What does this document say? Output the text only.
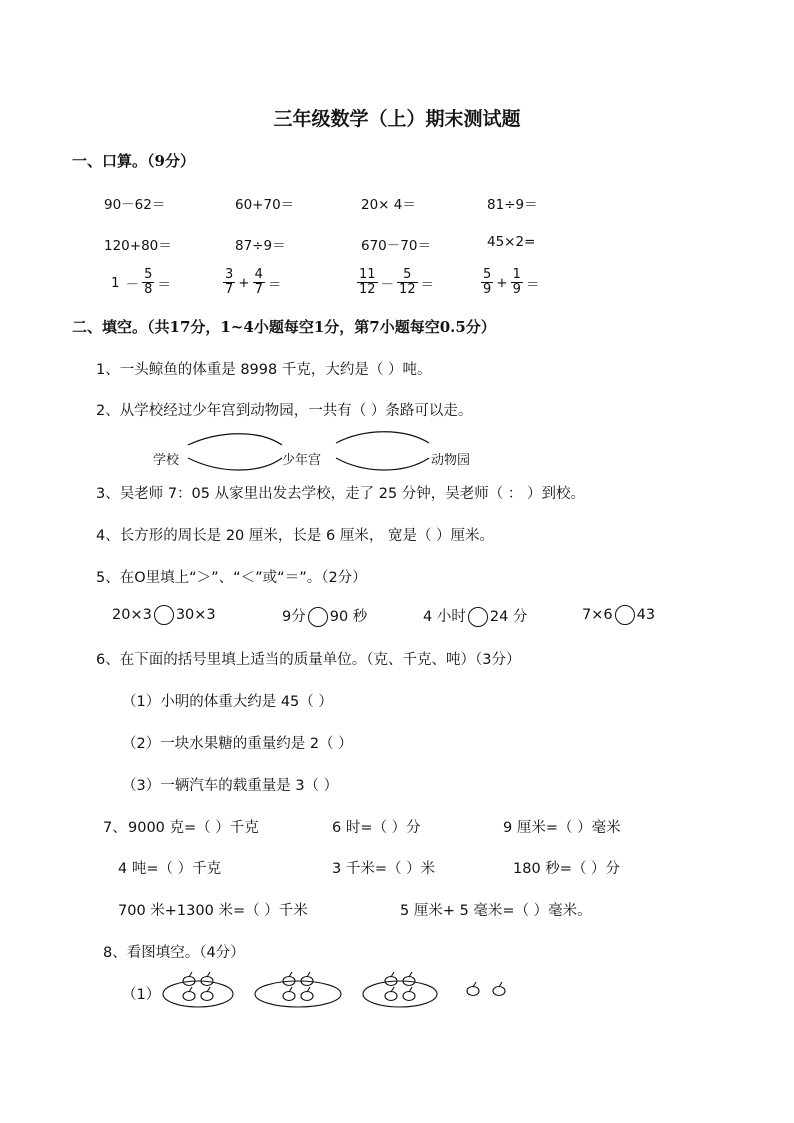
三年级数学（上）期末测试题
一、口算。（9分）
90－62＝	60+70＝	20× 4＝	81÷9＝
120+80＝	87÷9＝	670－70＝	45×2=
$1 - \frac{5}{8}$ ＝	$\frac{3}{7} + \frac{4}{7}$ ＝	$\frac{11}{12} - \frac{5}{12}$ ＝	$\frac{5}{9} + \frac{1}{9}$ ＝
二、填空。（共17分，1~4小题每空1分，第7小题每空0.5分）
1、一头鲸鱼的体重是 8998 千克，大约是（ ）吨。
2、从学校经过少年宫到动物园，一共有（ ）条路可以走。
学校	少年宫	动物园
3、吴老师 7：05 从家里出发去学校，走了 25 分钟，吴老师（ ： ）到校。
4、长方形的周长是 20 厘米，长是 6 厘米， 宽是（ ）厘米。
5、在O里填上“＞”、“＜”或“＝”。（2分）
20×3 30×3	9分 90 秒	4 小时 24 分	7×6 43
6、在下面的括号里填上适当的质量单位。（克、千克、吨）（3分）
（1）小明的体重大约是 45（ ）
（2）一块水果糖的重量约是 2（ ）
（3）一辆汽车的载重量是 3（ ）
7、 9000 克=（ ）千克	6 时=（ ）分	9 厘米=（ ）毫米
4 吨=（ ）千克	3 千米=（ ）米	180 秒=（ ）分
700 米+1300 米=（ ）千米	5 厘米+ 5 毫米=（ ）毫米。
8、看图填空。（4分）
（1）
